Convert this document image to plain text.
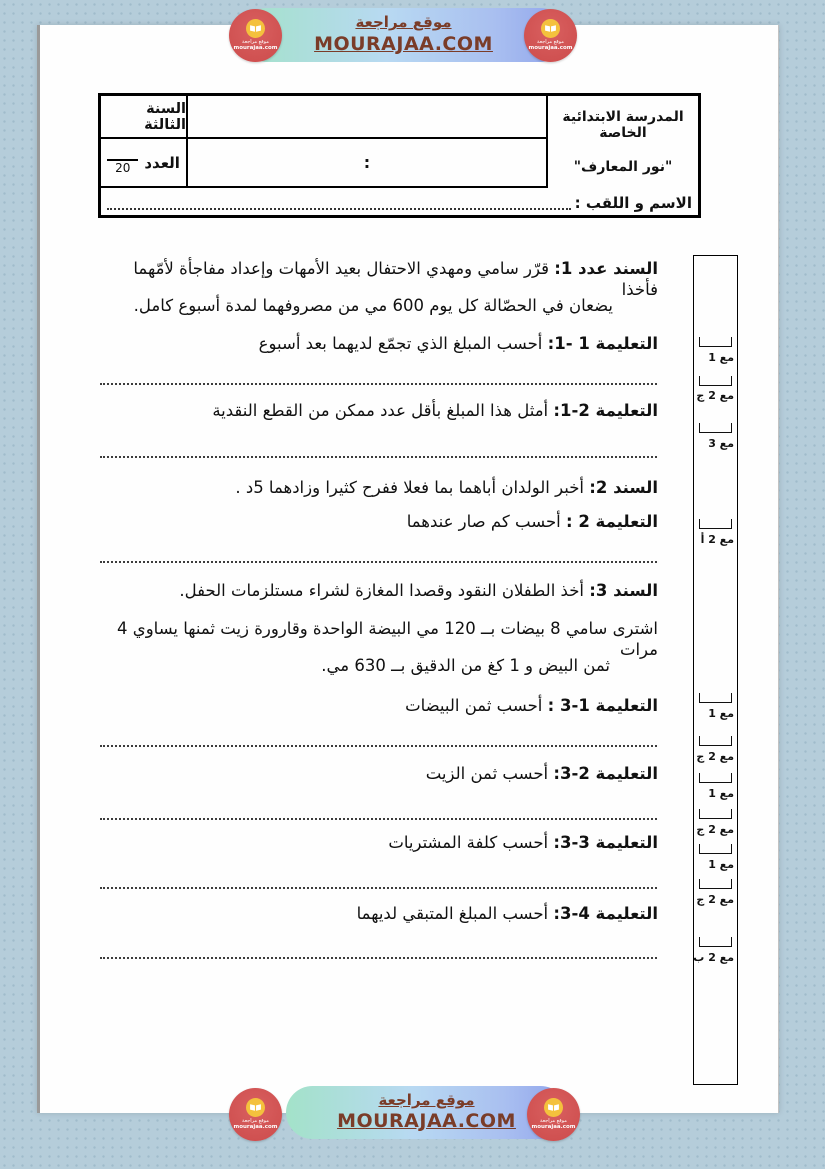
موقع مراجعة
MOURAJAA.COM
موقع مراجعة
mourajaa.com
موقع مراجعة
mourajaa.com
المدرسة الابتدائية الخاصة
"نور المعارف"
:
السنة الثالثة
العدد
20
الاسم و اللقب :
السند عدد 1: قرّر سامي ومهدي الاحتفال بعيد الأمهات وإعداد مفاجأة لأمّهما فأخذا
يضعان في الحصّالة كل يوم 600 مي من مصروفهما لمدة أسبوع كامل.
التعليمة 1 -1: أحسب المبلغ الذي تجمّع لديهما بعد أسبوع
التعليمة 2-1: أمثل هذا المبلغ بأقل عدد ممكن من القطع النقدية
السند 2: أخبر الولدان أباهما بما فعلا ففرح كثيرا وزادهما 5د .
التعليمة 2 : أحسب كم صار عندهما
السند 3: أخذ الطفلان النقود وقصدا المغازة لشراء مستلزمات الحفل.
اشترى سامي 8 بيضات بــ 120 مي البيضة الواحدة وقارورة زيت ثمنها يساوي 4 مرات
ثمن البيض و 1 كغ من الدقيق بــ 630 مي.
التعليمة 1-3 : أحسب ثمن البيضات
التعليمة 2-3: أحسب ثمن الزيت
التعليمة 3-3: أحسب كلفة المشتريات
التعليمة 4-3: أحسب المبلغ المتبقي لديهما
مع 1
مع 2 ج
مع 3
مع 2 أ
مع 1
مع 2 ج
مع 1
مع 2 ج
مع 1
مع 2 ج
مع 2 ب
موقع مراجعة
MOURAJAA.COM
موقع مراجعة
mourajaa.com
موقع مراجعة
mourajaa.com
